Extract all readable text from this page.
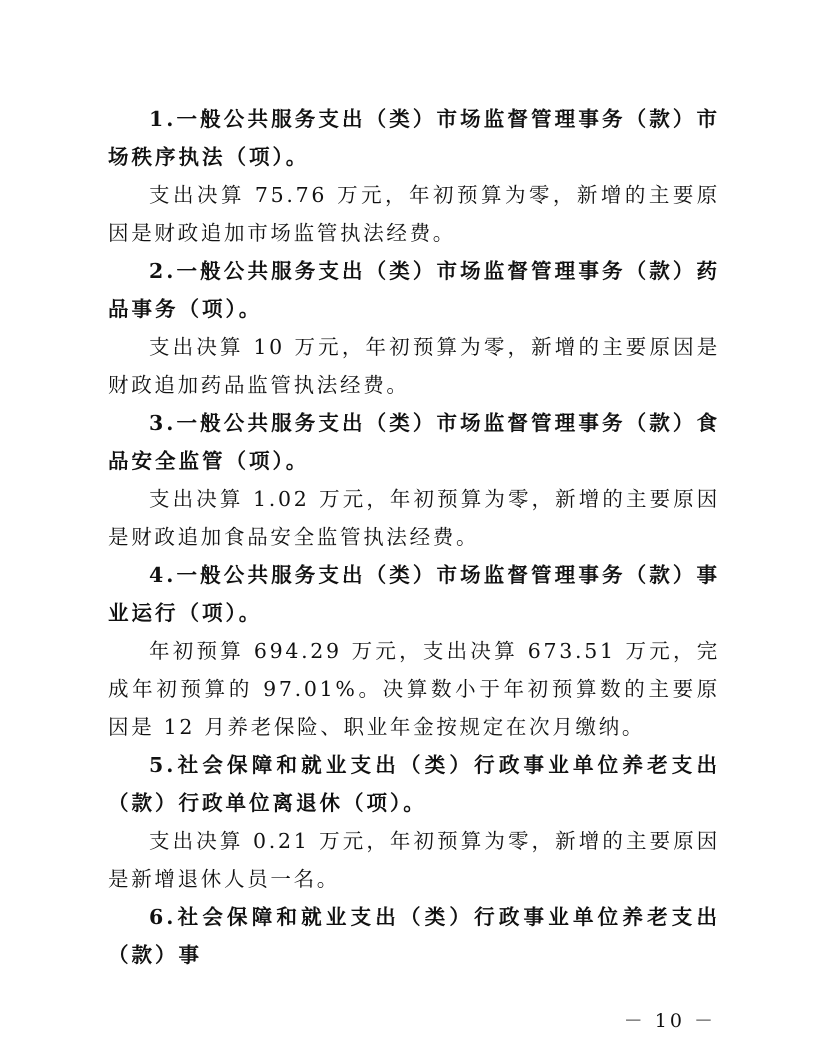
1.一般公共服务支出（类）市场监督管理事务（款）市场秩序执法（项）。

支出决算 75.76 万元，年初预算为零，新增的主要原因是财政追加市场监管执法经费。

2.一般公共服务支出（类）市场监督管理事务（款）药品事务（项）。

支出决算 10 万元，年初预算为零，新增的主要原因是财政追加药品监管执法经费。

3.一般公共服务支出（类）市场监督管理事务（款）食品安全监管（项）。

支出决算 1.02 万元，年初预算为零，新增的主要原因是财政追加食品安全监管执法经费。

4.一般公共服务支出（类）市场监督管理事务（款）事业运行（项）。

年初预算 694.29 万元，支出决算 673.51 万元，完成年初预算的 97.01%。决算数小于年初预算数的主要原因是 12 月养老保险、职业年金按规定在次月缴纳。

5.社会保障和就业支出（类）行政事业单位养老支出（款）行政单位离退休（项）。

支出决算 0.21 万元，年初预算为零，新增的主要原因是新增退休人员一名。

6.社会保障和就业支出（类）行政事业单位养老支出（款）事

－ 10 －
